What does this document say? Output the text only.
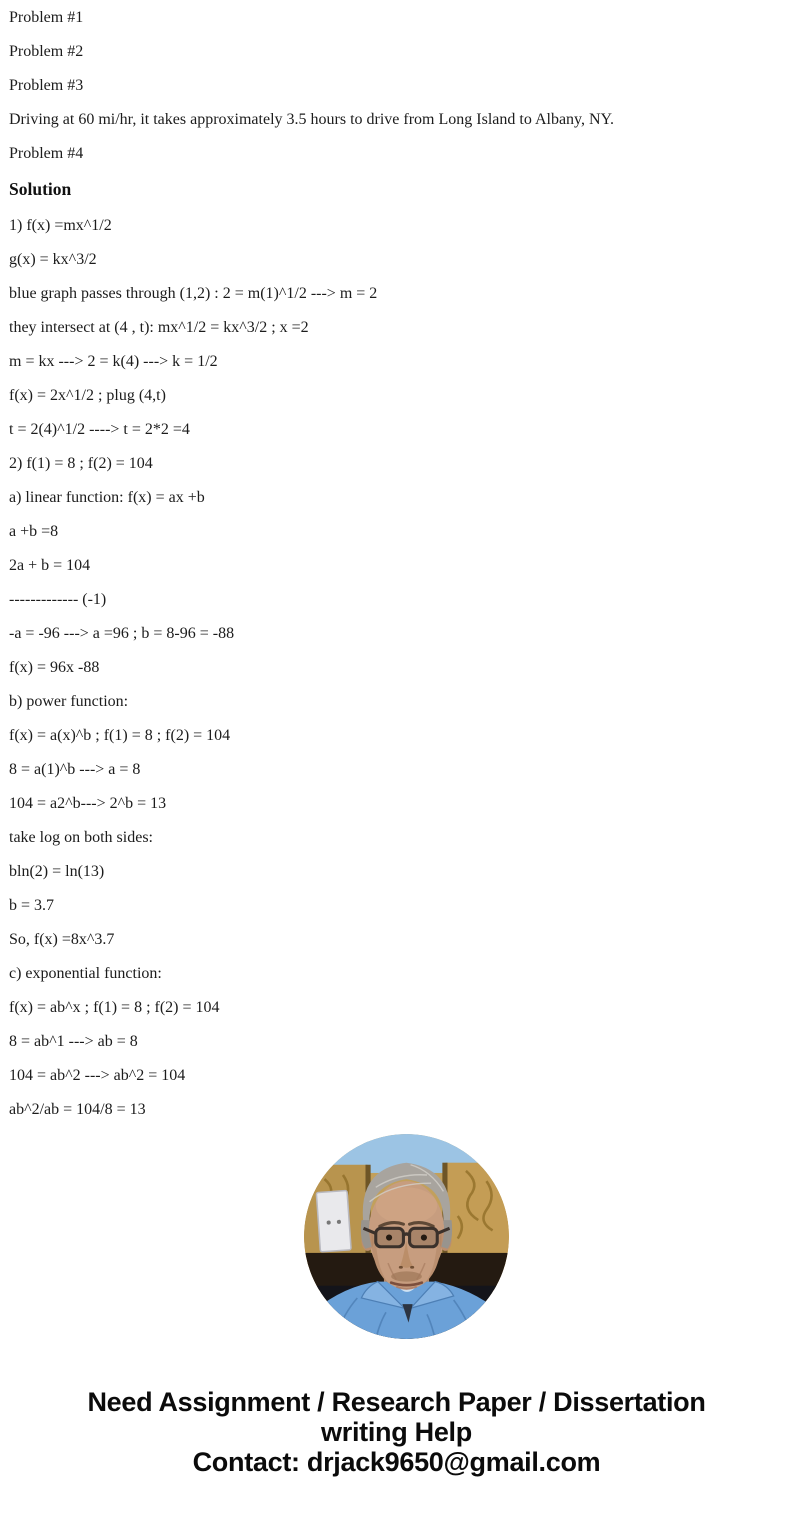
Problem #1

Problem #2

Problem #3

Driving at 60 mi/hr, it takes approximately 3.5 hours to drive from Long Island to Albany, NY.

Problem #4

Solution

1) f(x) =mx^1/2

g(x) = kx^3/2

blue graph passes through (1,2) : 2 = m(1)^1/2 ---> m = 2

they intersect at (4 , t): mx^1/2 = kx^3/2 ; x =2

m = kx ---> 2 = k(4) ---> k = 1/2

f(x) = 2x^1/2 ; plug (4,t)

t = 2(4)^1/2 ----> t = 2*2 =4

2) f(1) = 8 ; f(2) = 104

a) linear function: f(x) = ax +b

a +b =8

2a + b = 104

------------- (-1)

-a = -96 ---> a =96 ; b = 8-96 = -88

f(x) = 96x -88

b) power function:

f(x) = a(x)^b ; f(1) = 8 ; f(2) = 104

8 = a(1)^b ---> a = 8

104 = a2^b---> 2^b = 13

take log on both sides:

bln(2) = ln(13)

b = 3.7

So, f(x) =8x^3.7

c) exponential function:

f(x) = ab^x ; f(1) = 8 ; f(2) = 104

8 = ab^1 ---> ab = 8

104 = ab^2 ---> ab^2 = 104

ab^2/ab = 104/8 = 13

Need Assignment / Research Paper / Dissertation
writing Help
Contact: drjack9650@gmail.com
